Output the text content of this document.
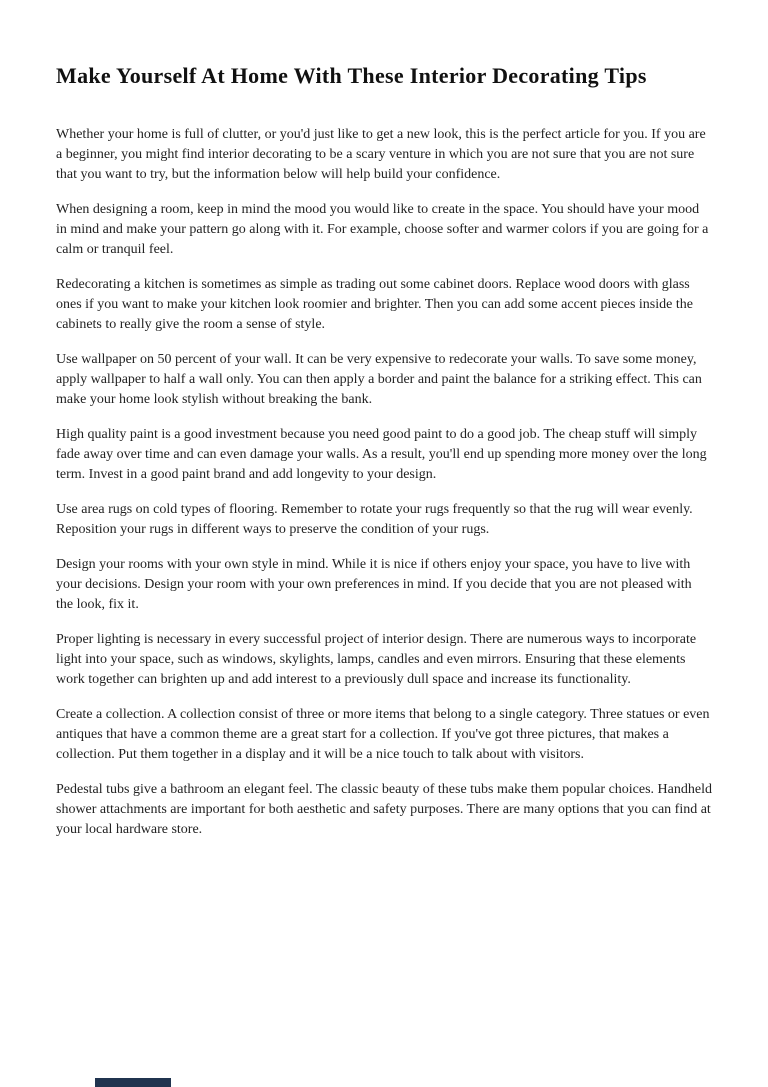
Make Yourself At Home With These Interior Decorating Tips

Whether your home is full of clutter, or you'd just like to get a new look, this is the perfect article for you. If you are a beginner, you might find interior decorating to be a scary venture in which you are not sure that you are not sure that you want to try, but the information below will help build your confidence.

When designing a room, keep in mind the mood you would like to create in the space. You should have your mood in mind and make your pattern go along with it. For example, choose softer and warmer colors if you are going for a calm or tranquil feel.

Redecorating a kitchen is sometimes as simple as trading out some cabinet doors. Replace wood doors with glass ones if you want to make your kitchen look roomier and brighter. Then you can add some accent pieces inside the cabinets to really give the room a sense of style.

Use wallpaper on 50 percent of your wall. It can be very expensive to redecorate your walls. To save some money, apply wallpaper to half a wall only. You can then apply a border and paint the balance for a striking effect. This can make your home look stylish without breaking the bank.

High quality paint is a good investment because you need good paint to do a good job. The cheap stuff will simply fade away over time and can even damage your walls. As a result, you'll end up spending more money over the long term. Invest in a good paint brand and add longevity to your design.

Use area rugs on cold types of flooring. Remember to rotate your rugs frequently so that the rug will wear evenly. Reposition your rugs in different ways to preserve the condition of your rugs.

Design your rooms with your own style in mind. While it is nice if others enjoy your space, you have to live with your decisions. Design your room with your own preferences in mind. If you decide that you are not pleased with the look, fix it.

Proper lighting is necessary in every successful project of interior design. There are numerous ways to incorporate light into your space, such as windows, skylights, lamps, candles and even mirrors. Ensuring that these elements work together can brighten up and add interest to a previously dull space and increase its functionality.

Create a collection. A collection consist of three or more items that belong to a single category. Three statues or even antiques that have a common theme are a great start for a collection. If you've got three pictures, that makes a collection. Put them together in a display and it will be a nice touch to talk about with visitors.

Pedestal tubs give a bathroom an elegant feel. The classic beauty of these tubs make them popular choices. Handheld shower attachments are important for both aesthetic and safety purposes. There are many options that you can find at your local hardware store.
